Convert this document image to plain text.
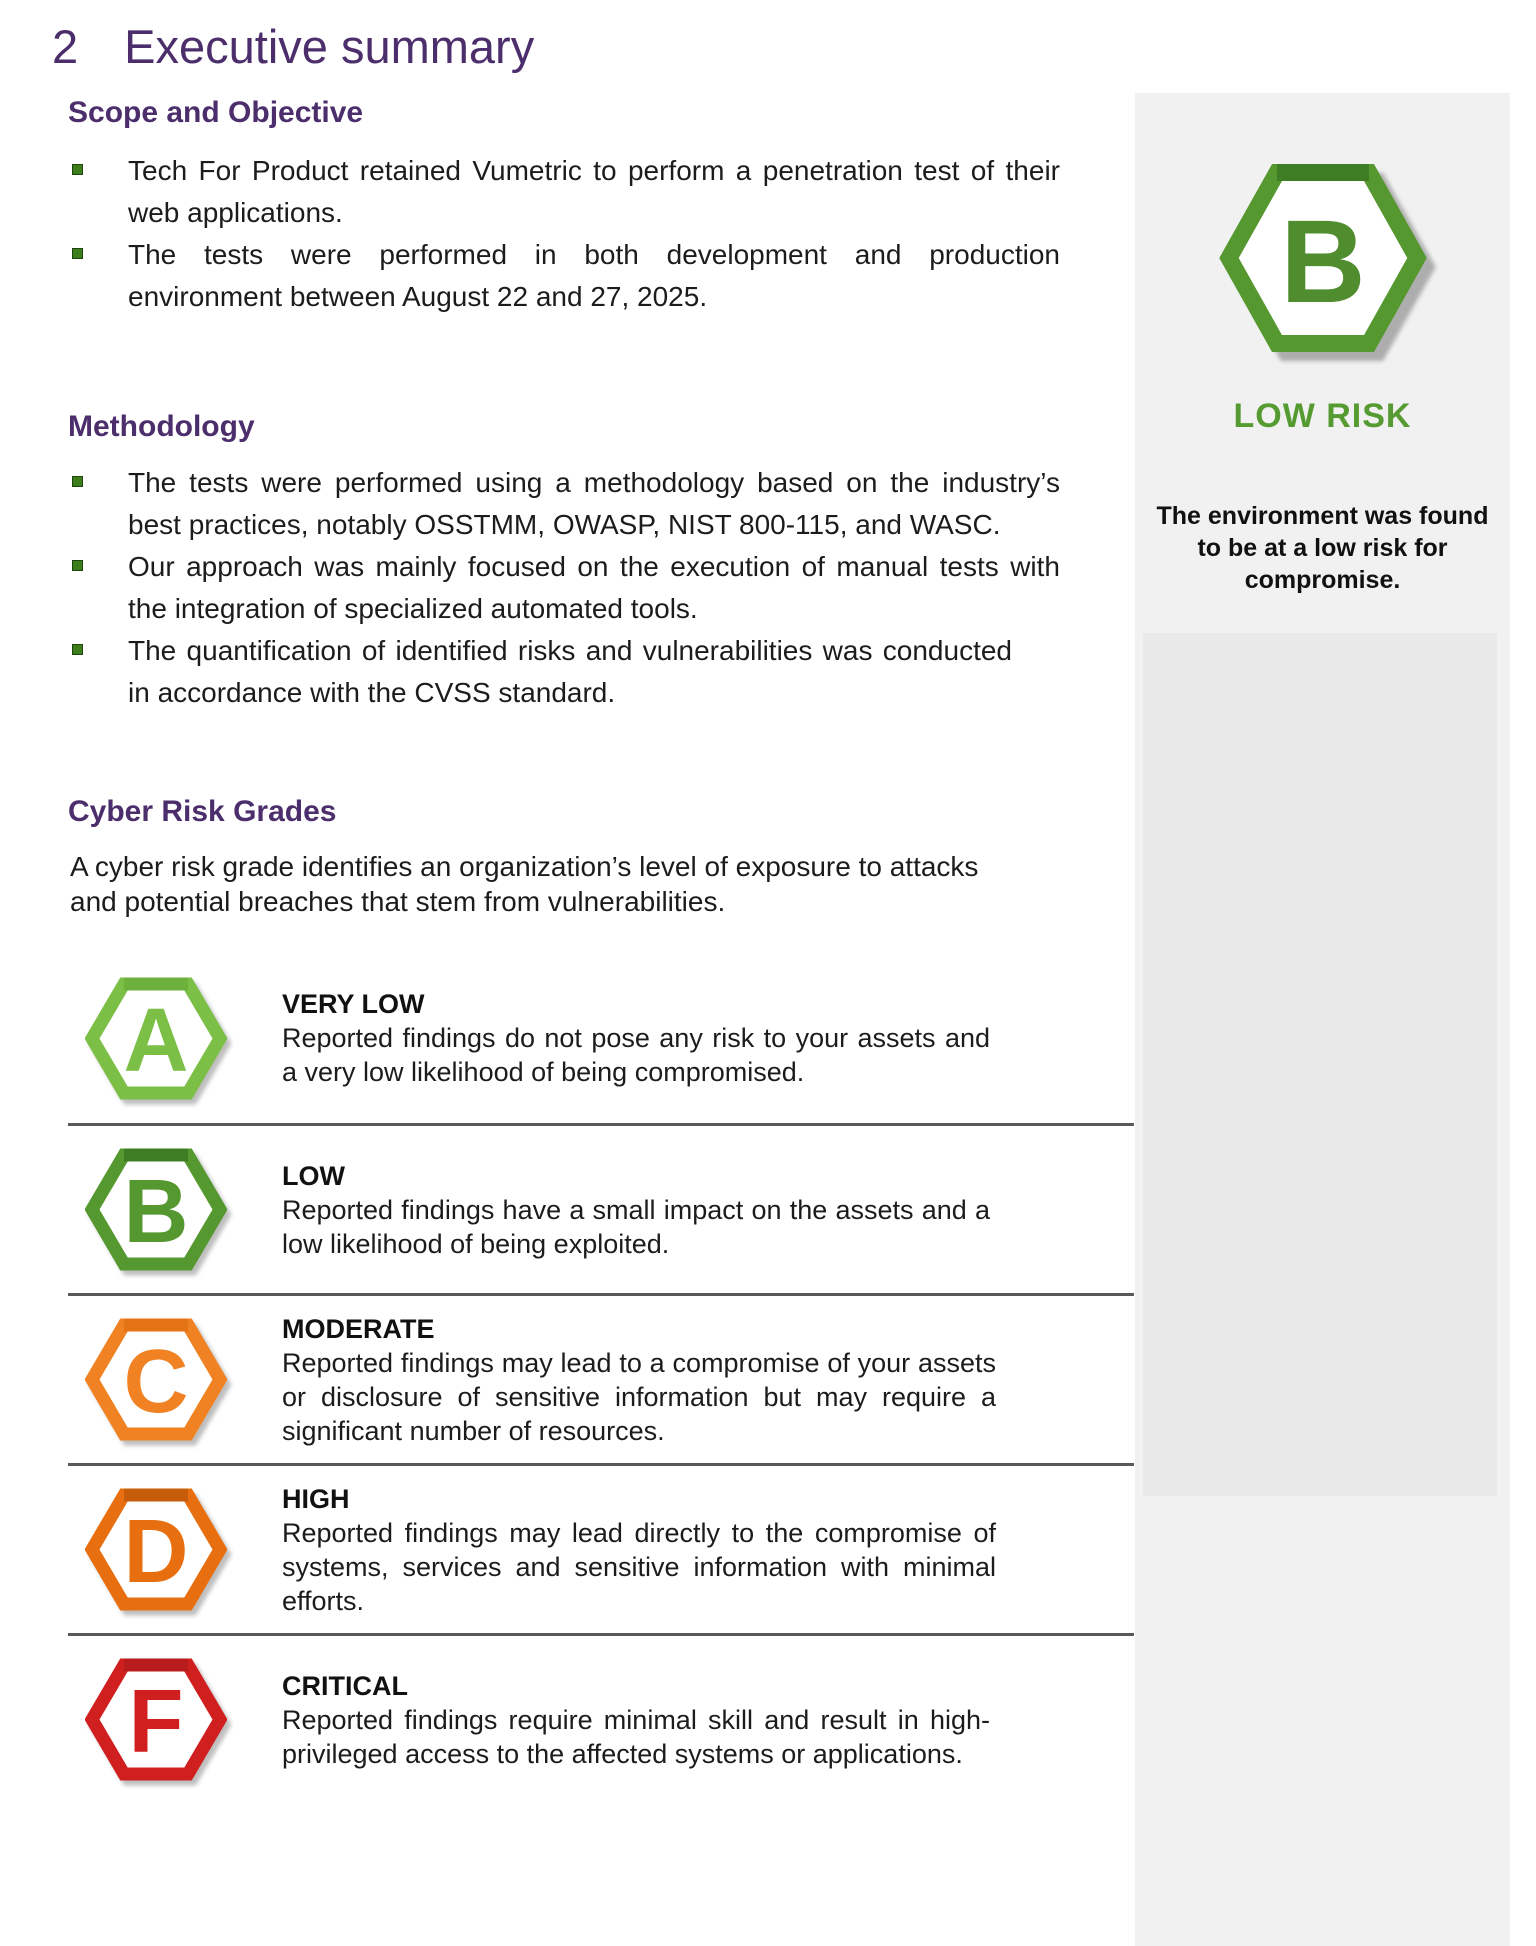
2 Executive summary
Scope and Objective
Tech For Product retained Vumetric to perform a penetration test of their web applications.
The tests were performed in both development and production environment between August 22 and 27, 2025.
Methodology
The tests were performed using a methodology based on the industry’s best practices, notably OSSTMM, OWASP, NIST 800-115, and WASC.
Our approach was mainly focused on the execution of manual tests with the integration of specialized automated tools.
The quantification of identified risks and vulnerabilities was conducted in accordance with the CVSS standard.
Cyber Risk Grades
A cyber risk grade identifies an organization’s level of exposure to attacks and potential breaches that stem from vulnerabilities.
A	VERY LOW
Reported findings do not pose any risk to your assets and a very low likelihood of being compromised.
B	LOW
Reported findings have a small impact on the assets and a low likelihood of being exploited.
C
MODERATE
Reported findings may lead to a compromise of your assets or disclosure of sensitive information but may require a significant number of resources.
D
HIGH
Reported findings may lead directly to the compromise of systems, services and sensitive information with minimal efforts.
F	CRITICAL
Reported findings require minimal skill and result in high-privileged access to the affected systems or applications.
B
LOW RISK
The environment was found to be at a low risk for compromise.
